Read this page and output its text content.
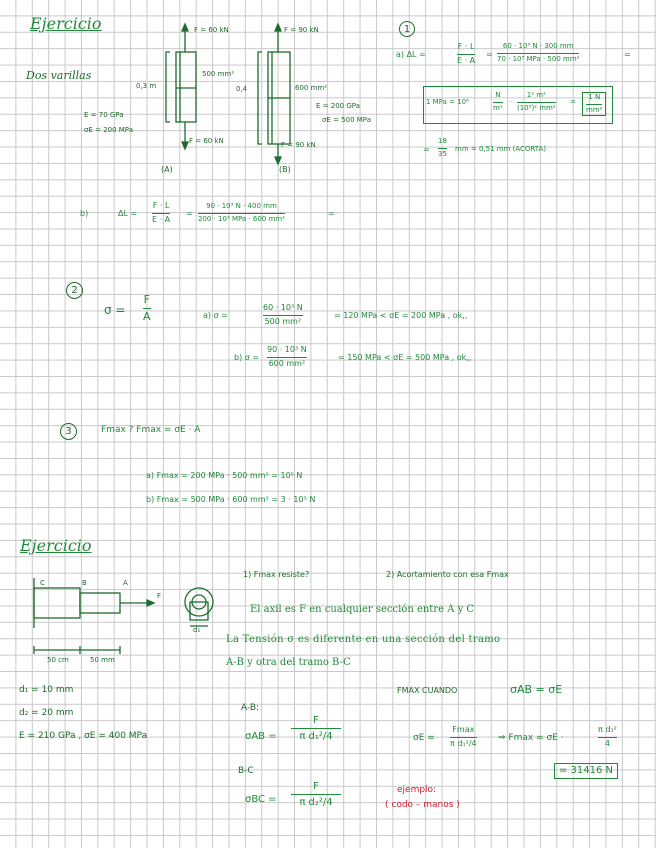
Ejercicio
Dos varillas
E = 70 GPa
σE = 200 MPa
F = 60 kN
F = 60 kN
F = 90 kN
F = 90 kN
0,3 m	0,4
500 mm²
600 mm²
E = 200 GPa
σE = 500 MPa
(A)	(B)
1
a) ΔL =
F · L
E · A
=
60 · 10³ N · 300 mm
70 · 10³ MPa · 500 mm²	=
1 MPa = 10⁶
N
m²
·
1² m²
(10³)² mm²
=
1 N
mm²
=
18
35
mm = 0,51 mm (ACORTA)
b)	ΔL =
F · L
E · A
=
90 · 10³ N · 400 mm
200 · 10³ MPa · 600 mm²
=
2
σ =
F
A	a) σ =
60 · 10³ N
500 mm²
= 120 MPa < σE = 200 MPa , ok,,
b) σ =
90 · 10³ N
600 mm²
= 150 MPa < σE = 500 MPa , ok,,
3	Fmax ? Fmax = σE · A
a) Fmax = 200 MPa · 500 mm² = 10⁵ N
b) Fmax = 500 MPa · 600 mm² = 3 · 10⁵ N
Ejercicio
C	B	A
F
50 cm	50 mm
d₁
d₁ = 10 mm
d₂ = 20 mm
E = 210 GPa , σE = 400 MPa
1) Fmax resiste?	2) Acortamiento con esa Fmax
El axil es F en cualquier sección entre A y C
La Tensión σ es diferente en una sección del tramo
A-B y otra del tramo B-C
A-B:
σAB =
F
π d₁²/4
B-C
σBC =
F
π d₂²/4
FMAX CUANDO	σAB = σE
σE =
Fmax
π d₁²/4
⇒ Fmax = σE ·
π d₁²
4
= 31416 N
ejemplo:
( codo – manos )
